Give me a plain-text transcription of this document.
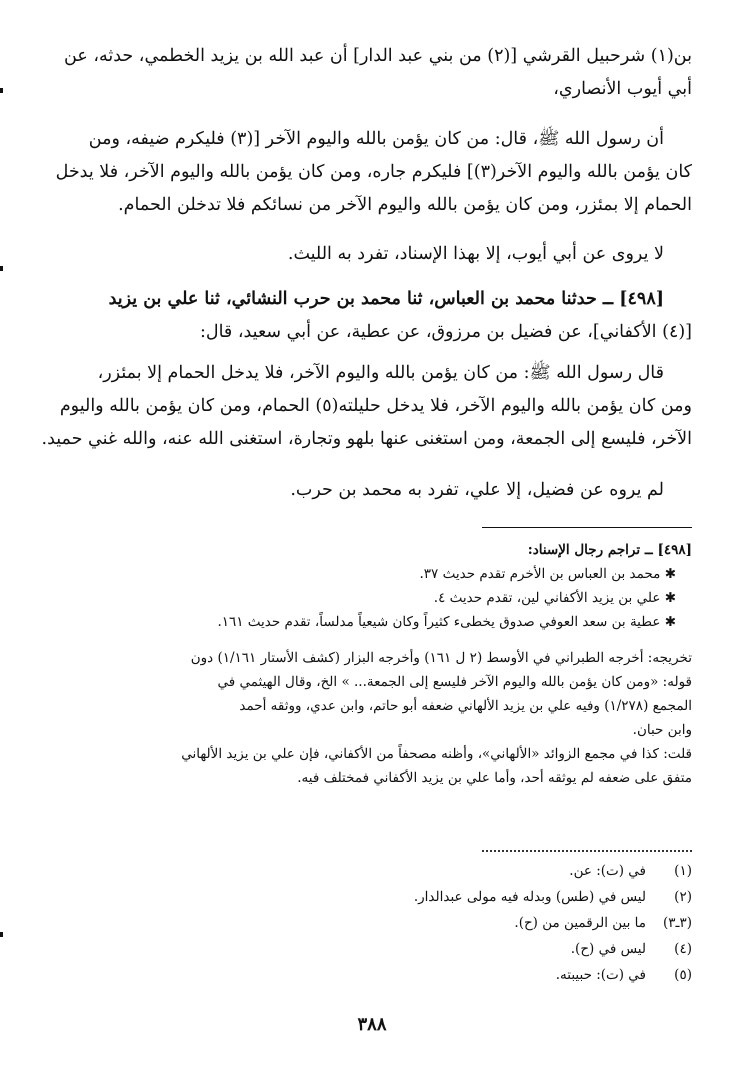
بن(١) شرحبيل القرشي [(٢) من بني عبد الدار] أن عبد الله بن يزيد الخطمي، حدثه، عن
أبي أيوب الأنصاري،
أن رسول الله ﷺ، قال: من كان يؤمن بالله واليوم الآخر [(٣) فليكرم ضيفه، ومن
كان يؤمن بالله واليوم الآخر(٣)] فليكرم جاره، ومن كان يؤمن بالله واليوم الآخر، فلا يدخل
الحمام إلا بمئزر، ومن كان يؤمن بالله واليوم الآخر من نسائكم فلا تدخلن الحمام.
لا يروى عن أبي أيوب، إلا بهذا الإسناد، تفرد به الليث.
[٤٩٨] ــ حدثنا محمد بن العباس، ثنا محمد بن حرب النشائي، ثنا علي بن يزيد
[(٤) الأكفاني]، عن فضيل بن مرزوق، عن عطية، عن أبي سعيد، قال:
قال رسول الله ﷺ: من كان يؤمن بالله واليوم الآخر، فلا يدخل الحمام إلا بمئزر،
ومن كان يؤمن بالله واليوم الآخر، فلا يدخل حليلته(٥) الحمام، ومن كان يؤمن بالله واليوم
الآخر، فليسع إلى الجمعة، ومن استغنى عنها بلهو وتجارة، استغنى الله عنه، والله غني حميد.
لم يروه عن فضيل، إلا علي، تفرد به محمد بن حرب.
[٤٩٨] ــ تراجم رجال الإسناد:
✱ محمد بن العباس بن الأخرم تقدم حديث ٣٧.
✱ علي بن يزيد الأكفاني لين، تقدم حديث ٤.
✱ عطية بن سعد العوفي صدوق يخطىء كثيراً وكان شيعياً مدلساً، تقدم حديث ١٦١.
تخريجه: أخرجه الطبراني في الأوسط (٢ ل ١٦١) وأخرجه البزار (كشف الأستار ١/١٦١) دون
قوله: «ومن كان يؤمن بالله واليوم الآخر فليسع إلى الجمعة... » الخ، وقال الهيثمي في
المجمع (١/٢٧٨) وفيه علي بن يزيد الألهاني ضعفه أبو حاتم، وابن عدي، ووثقه أحمد
وابن حبان.
قلت: كذا في مجمع الزوائد «الألهاني»، وأظنه مصحفاً من الأكفاني، فإن علي بن يزيد الألهاني
متفق على ضعفه لم يوثقه أحد، وأما علي بن يزيد الأكفاني فمختلف فيه.
(١)
في (ت): عن.
(٢)
ليس في (طس) وبدله فيه مولى عبدالدار.
(٣ـ٣)
ما بين الرقمين من (ح).
(٤)
ليس في (ح).
(٥)
في (ت): حبيبته.
٣٨٨
